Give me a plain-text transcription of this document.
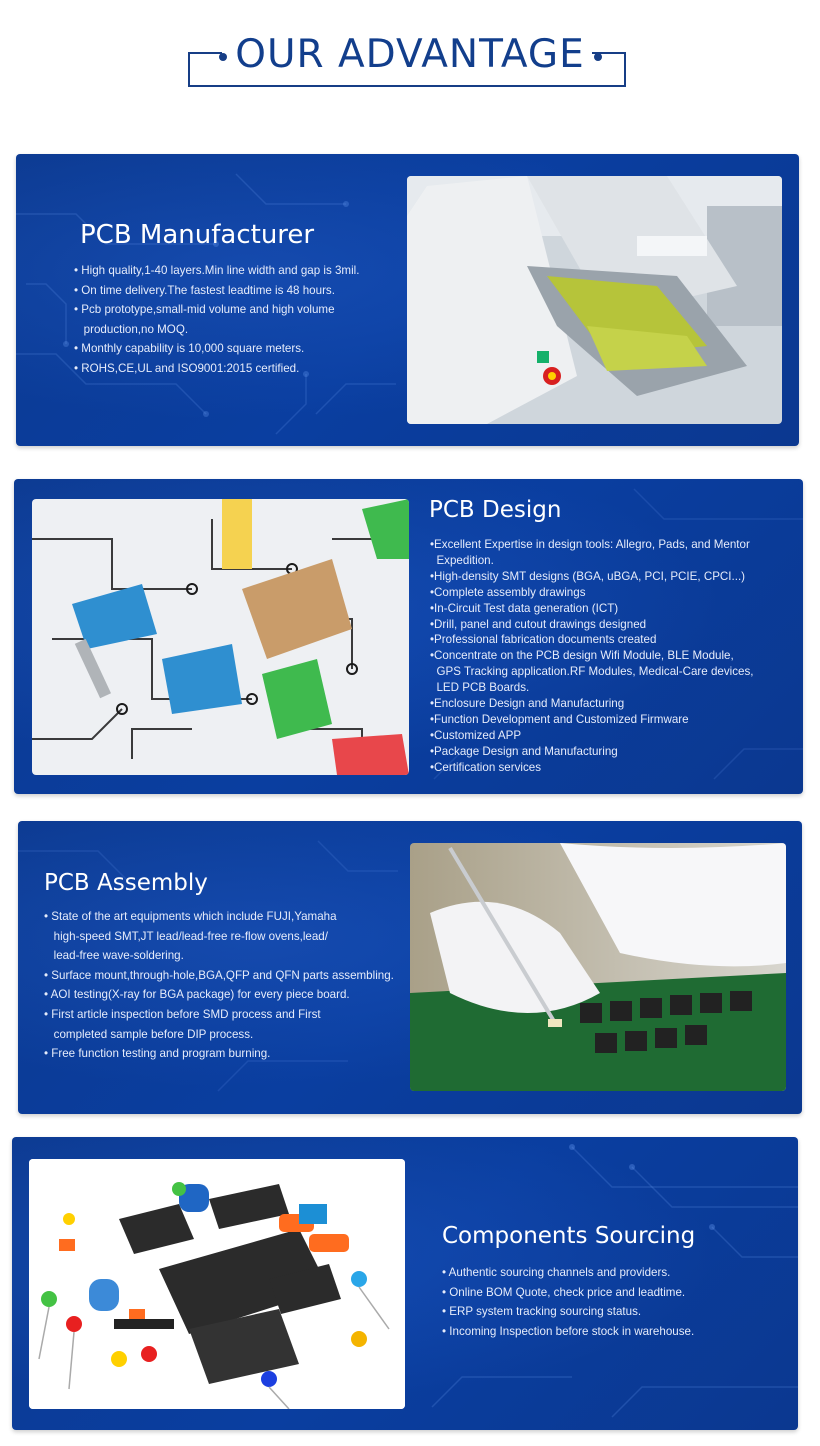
OUR ADVANTAGE
PCB Manufacturer
• High quality,1-40 layers.Min line width and gap is 3mil.
• On time delivery.The fastest leadtime is 48 hours.
• Pcb prototype,small-mid volume and high volume
production,no MOQ.
• Monthly capability is 10,000 square meters.
• ROHS,CE,UL and ISO9001:2015 certified.
PCB Design
•Excellent Expertise in design tools: Allegro, Pads, and Mentor
Expedition.
•High-density SMT designs (BGA, uBGA, PCI, PCIE, CPCI...)
•Complete assembly drawings
•In-Circuit Test data generation (ICT)
•Drill, panel and cutout drawings designed
•Professional fabrication documents created
•Concentrate on the PCB design Wifi Module, BLE Module,
GPS Tracking application.RF Modules, Medical-Care devices,
LED PCB Boards.
•Enclosure Design and Manufacturing
•Function Development and Customized Firmware
•Customized APP
•Package Design and Manufacturing
•Certification services
PCB Assembly
• State of the art equipments which include FUJI,Yamaha
high-speed SMT,JT lead/lead-free re-flow ovens,lead/
lead-free wave-soldering.
• Surface mount,through-hole,BGA,QFP and QFN parts assembling.
• AOI testing(X-ray for BGA package) for every piece board.
• First article inspection before SMD process and First
completed sample before DIP process.
• Free function testing and program burning.
Components Sourcing
• Authentic sourcing channels and providers.
• Online BOM Quote, check price and leadtime.
• ERP system tracking sourcing status.
• Incoming Inspection before stock in warehouse.
